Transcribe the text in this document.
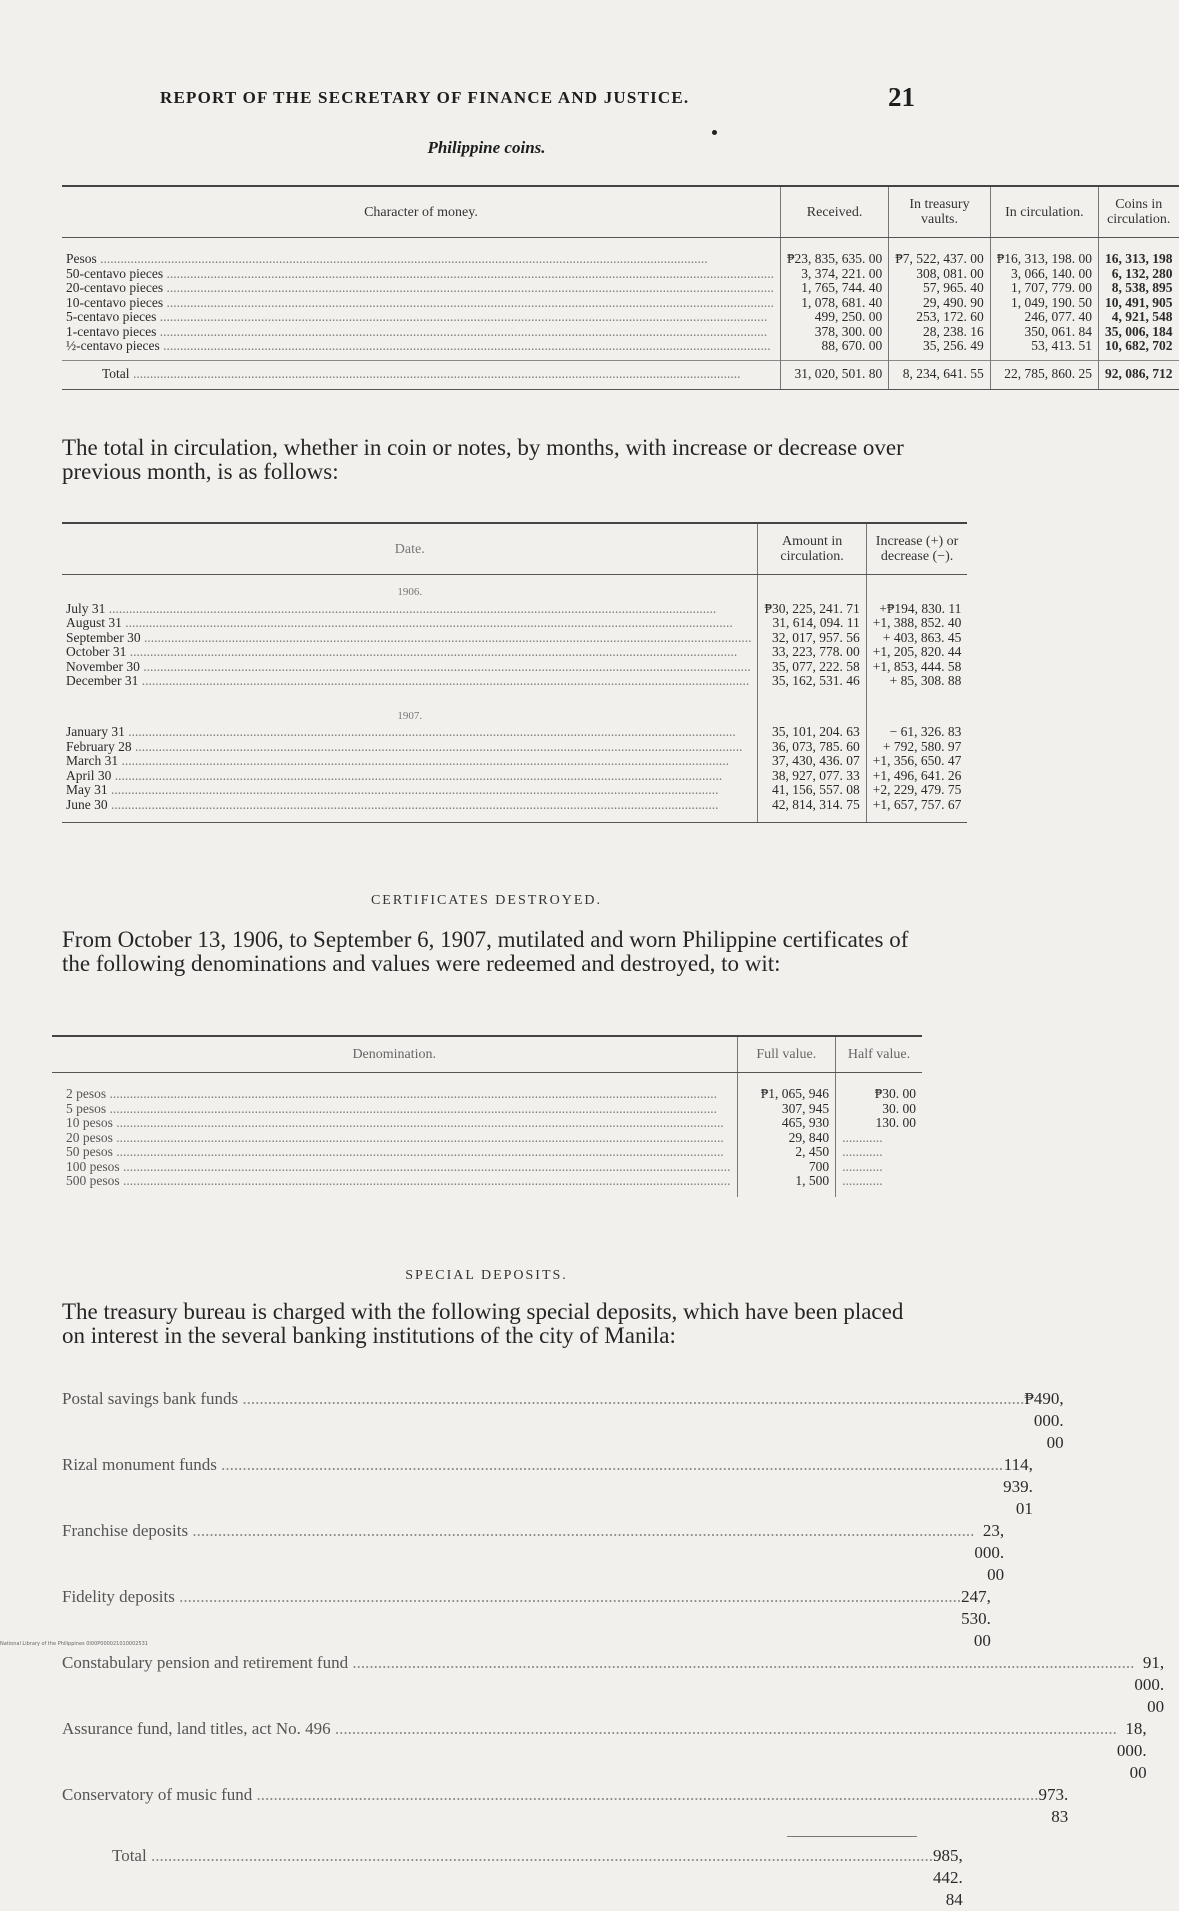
REPORT OF THE SECRETARY OF FINANCE AND JUSTICE.	21
Philippine coins.
Character of money.	Received.	In treasury vaults.	In circulation.	Coins in circulation.
Pesos .....	₱23, 835, 635. 00	₱7, 522, 437. 00	₱16, 313, 198. 00	16, 313, 198
50-centavo pieces .....	3, 374, 221. 00	308, 081. 00	3, 066, 140. 00	6, 132, 280
20-centavo pieces .....	1, 765, 744. 40	57, 965. 40	1, 707, 779. 00	8, 538, 895
10-centavo pieces .....	1, 078, 681. 40	29, 490. 90	1, 049, 190. 50	10, 491, 905
5-centavo pieces .....	499, 250. 00	253, 172. 60	246, 077. 40	4, 921, 548
1-centavo pieces .....	378, 300. 00	28, 238. 16	350, 061. 84	35, 006, 184
½-centavo pieces .....	88, 670. 00	35, 256. 49	53, 413. 51	10, 682, 702
Total .....	31, 020, 501. 80	8, 234, 641. 55	22, 785, 860. 25	92, 086, 712
The total in circulation, whether in coin or notes, by months, with increase or decrease over previous month, is as follows:
Date.	Amount in circulation.	Increase (+) or decrease (−).
1906.		
July 31 .....	₱30, 225, 241. 71	+₱194, 830. 11
August 31 .....	31, 614, 094. 11	+1, 388, 852. 40
September 30 .....	32, 017, 957. 56	+ 403, 863. 45
October 31 .....	33, 223, 778. 00	+1, 205, 820. 44
November 30 .....	35, 077, 222. 58	+1, 853, 444. 58
December 31 .....	35, 162, 531. 46	+ 85, 308. 88
1907.		
January 31 .....	35, 101, 204. 63	− 61, 326. 83
February 28 .....	36, 073, 785. 60	+ 792, 580. 97
March 31 .....	37, 430, 436. 07	+1, 356, 650. 47
April 30 .....	38, 927, 077. 33	+1, 496, 641. 26
May 31 .....	41, 156, 557. 08	+2, 229, 479. 75
June 30 .....	42, 814, 314. 75	+1, 657, 757. 67
CERTIFICATES DESTROYED.
From October 13, 1906, to September 6, 1907, mutilated and worn Philippine certificates of the following denominations and values were redeemed and destroyed, to wit:
Denomination.	Full value.	Half value.
2 pesos .....	₱1, 065, 946	₱30. 00
5 pesos .....	307, 945	30. 00
10 pesos .....	465, 930	130. 00
20 pesos .....	29, 840	............
50 pesos .....	2, 450	............
100 pesos .....	700	............
500 pesos .....	1, 500	............
SPECIAL DEPOSITS.
The treasury bureau is charged with the following special deposits, which have been placed on interest in the several banking institutions of the city of Manila:
Postal savings bank funds .....	₱490, 000. 00
Rizal monument funds .....	114, 939. 01
Franchise deposits .....	23, 000. 00
Fidelity deposits .....	247, 530. 00
Constabulary pension and retirement fund .....	91, 000. 00
Assurance fund, land titles, act No. 496 .....	18, 000. 00
Conservatory of music fund .....	973. 83
Total .....	985, 442. 84
National Library of the Philippines 0I00P000021010002531
